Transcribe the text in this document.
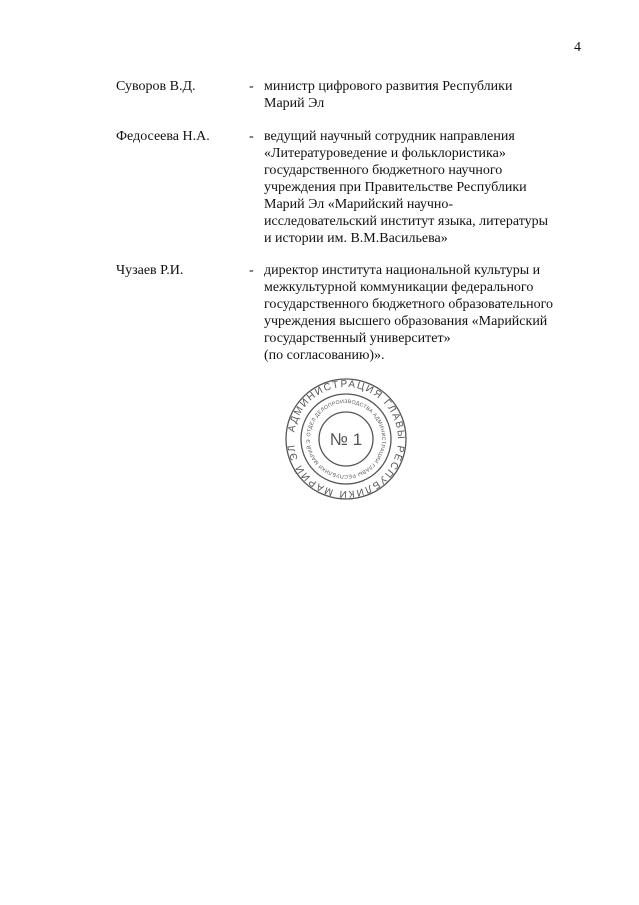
4
Суворов В.Д.	- министр цифрового развития Республики
Марий Эл
Федосеева Н.А.	- ведущий научный сотрудник направления
«Литературоведение и фольклористика»
государственного бюджетного научного
учреждения при Правительстве Республики
Марий Эл «Марийский научно-
исследовательский институт языка, литературы
и истории им. В.М.Васильева»
Чузаев Р.И.	- директор института национальной культуры и
межкультурной коммуникации федерального
государственного бюджетного образовательного
учреждения высшего образования «Марийский
государственный университет»
(по согласованию)».
АДМИНИСТРАЦИЯ ГЛАВЫ РЕСПУБЛИКИ МАРИЙ ЭЛ
ОТДЕЛ ДЕЛОПРОИЗВОДСТВА АДМИНИСТРАЦИИ ГЛАВЫ РЕСПУБЛИКИ МАРИЙ Э	№ 1
